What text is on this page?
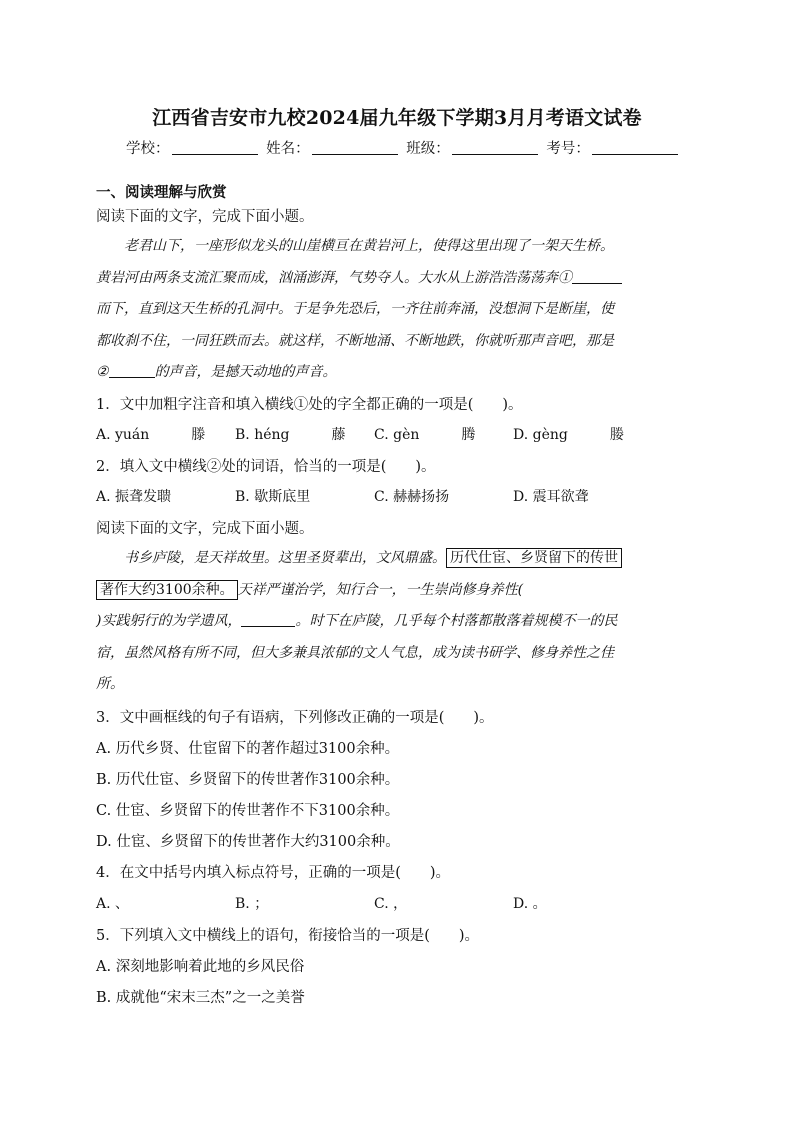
江西省吉安市九校2024届九年级下学期3月月考语文试卷
学校：	姓名：	班级：	考号：
一、阅读理解与欣赏
阅读下面的文字，完成下面小题。

老君山下，一座形似龙头的山崖横亘在黄岩河上，使得这里出现了一架天生桥。

黄岩河由两条支流汇聚而成，汹涌澎湃，气势夺人。大水从上游浩浩荡荡奔①

而下，直到这天生桥的孔洞中。于是争先恐后，一齐往前奔涌，没想洞下是断崖，使

都收刹不住，一同狂跌而去。就这样，不断地涌、不断地跌，你就听那声音吧，那是

②	的声音，是撼天动地的声音。

1．文中加粗字注音和填入横线①处的字全都正确的一项是(　　)。
A. yuán　　　滕 B. héng　　　藤 C. gèn　　　腾	D. gèng　　　媵
2．填入文中横线②处的词语，恰当的一项是(　　)。
A. 振聋发聩	B. 歇斯底里	C. 赫赫扬扬	D. 震耳欲聋
阅读下面的文字，完成下面小题。

书乡庐陵，是天祥故里。这里圣贤辈出，文风鼎盛。 历代仕宦、乡贤留下的传世

著作大约3100余种。 天祥严谨治学，知行合一，一生崇尚修身养性(

)实践躬行的为学遗风，	。时下在庐陵，几乎每个村落都散落着规模不一的民

宿，虽然风格有所不同，但大多兼具浓郁的文人气息，成为读书研学、修身养性之佳

所。

3．文中画框线的句子有语病，下列修改正确的一项是(　　)。
A. 历代乡贤、仕宦留下的著作超过3100余种。
B. 历代仕宦、乡贤留下的传世著作3100余种。
C. 仕宦、乡贤留下的传世著作不下3100余种。
D. 仕宦、乡贤留下的传世著作大约3100余种。
4．在文中括号内填入标点符号，正确的一项是(　　)。
A. 、	B. ；	C. ，	D. 。
5．下列填入文中横线上的语句，衔接恰当的一项是(　　)。
A. 深刻地影响着此地的乡风民俗
B. 成就他“宋末三杰”之一之美誉
